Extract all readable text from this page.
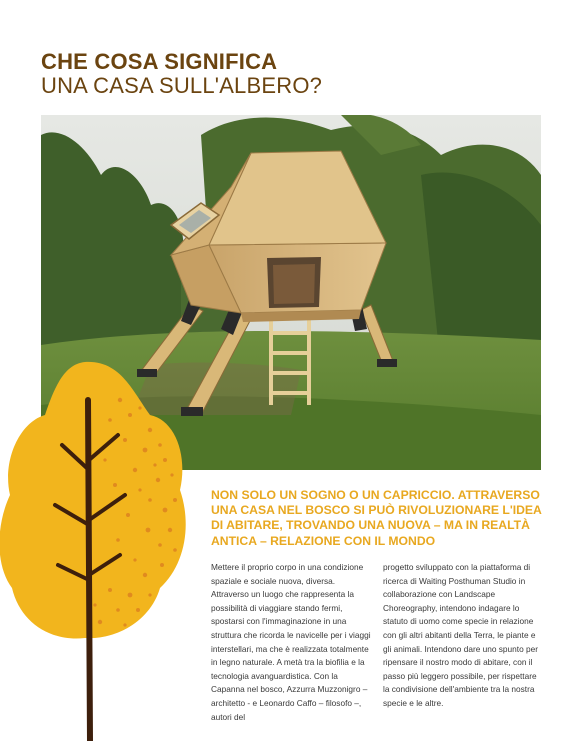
CHE COSA SIGNIFICA
UNA CASA SULL'ALBERO?

NON SOLO UN SOGNO O UN CAPRICCIO. ATTRAVERSO UNA CASA NEL BOSCO SI PUÒ RIVOLUZIONARE L'IDEA DI ABITARE, TROVANDO UNA NUOVA – MA IN REALTÀ ANTICA – RELAZIONE CON IL MONDO

Mettere il proprio corpo in una condizione spaziale e sociale nuova, diversa. Attraverso un luogo che rappresenta la possibilità di viaggiare stando fermi, spostarsi con l'immaginazione in una struttura che ricorda le navicelle per i viaggi interstellari, ma che è realizzata totalmente in legno naturale. A metà tra la biofilia e la tecnologia avanguardistica. Con la Capanna nel bosco, Azzurra Muzzonigro – architetto - e Leonardo Caffo – filosofo –, autori del

progetto sviluppato con la piattaforma di ricerca di Waiting Posthuman Studio in collaborazione con Landscape Choreography, intendono indagare lo statuto di uomo come specie in relazione con gli altri abitanti della Terra, le piante e gli animali. Intendono dare uno spunto per ripensare il nostro modo di abitare, con il passo più leggero possibile, per rispettare la condivisione dell'ambiente tra la nostra specie e le altre.
